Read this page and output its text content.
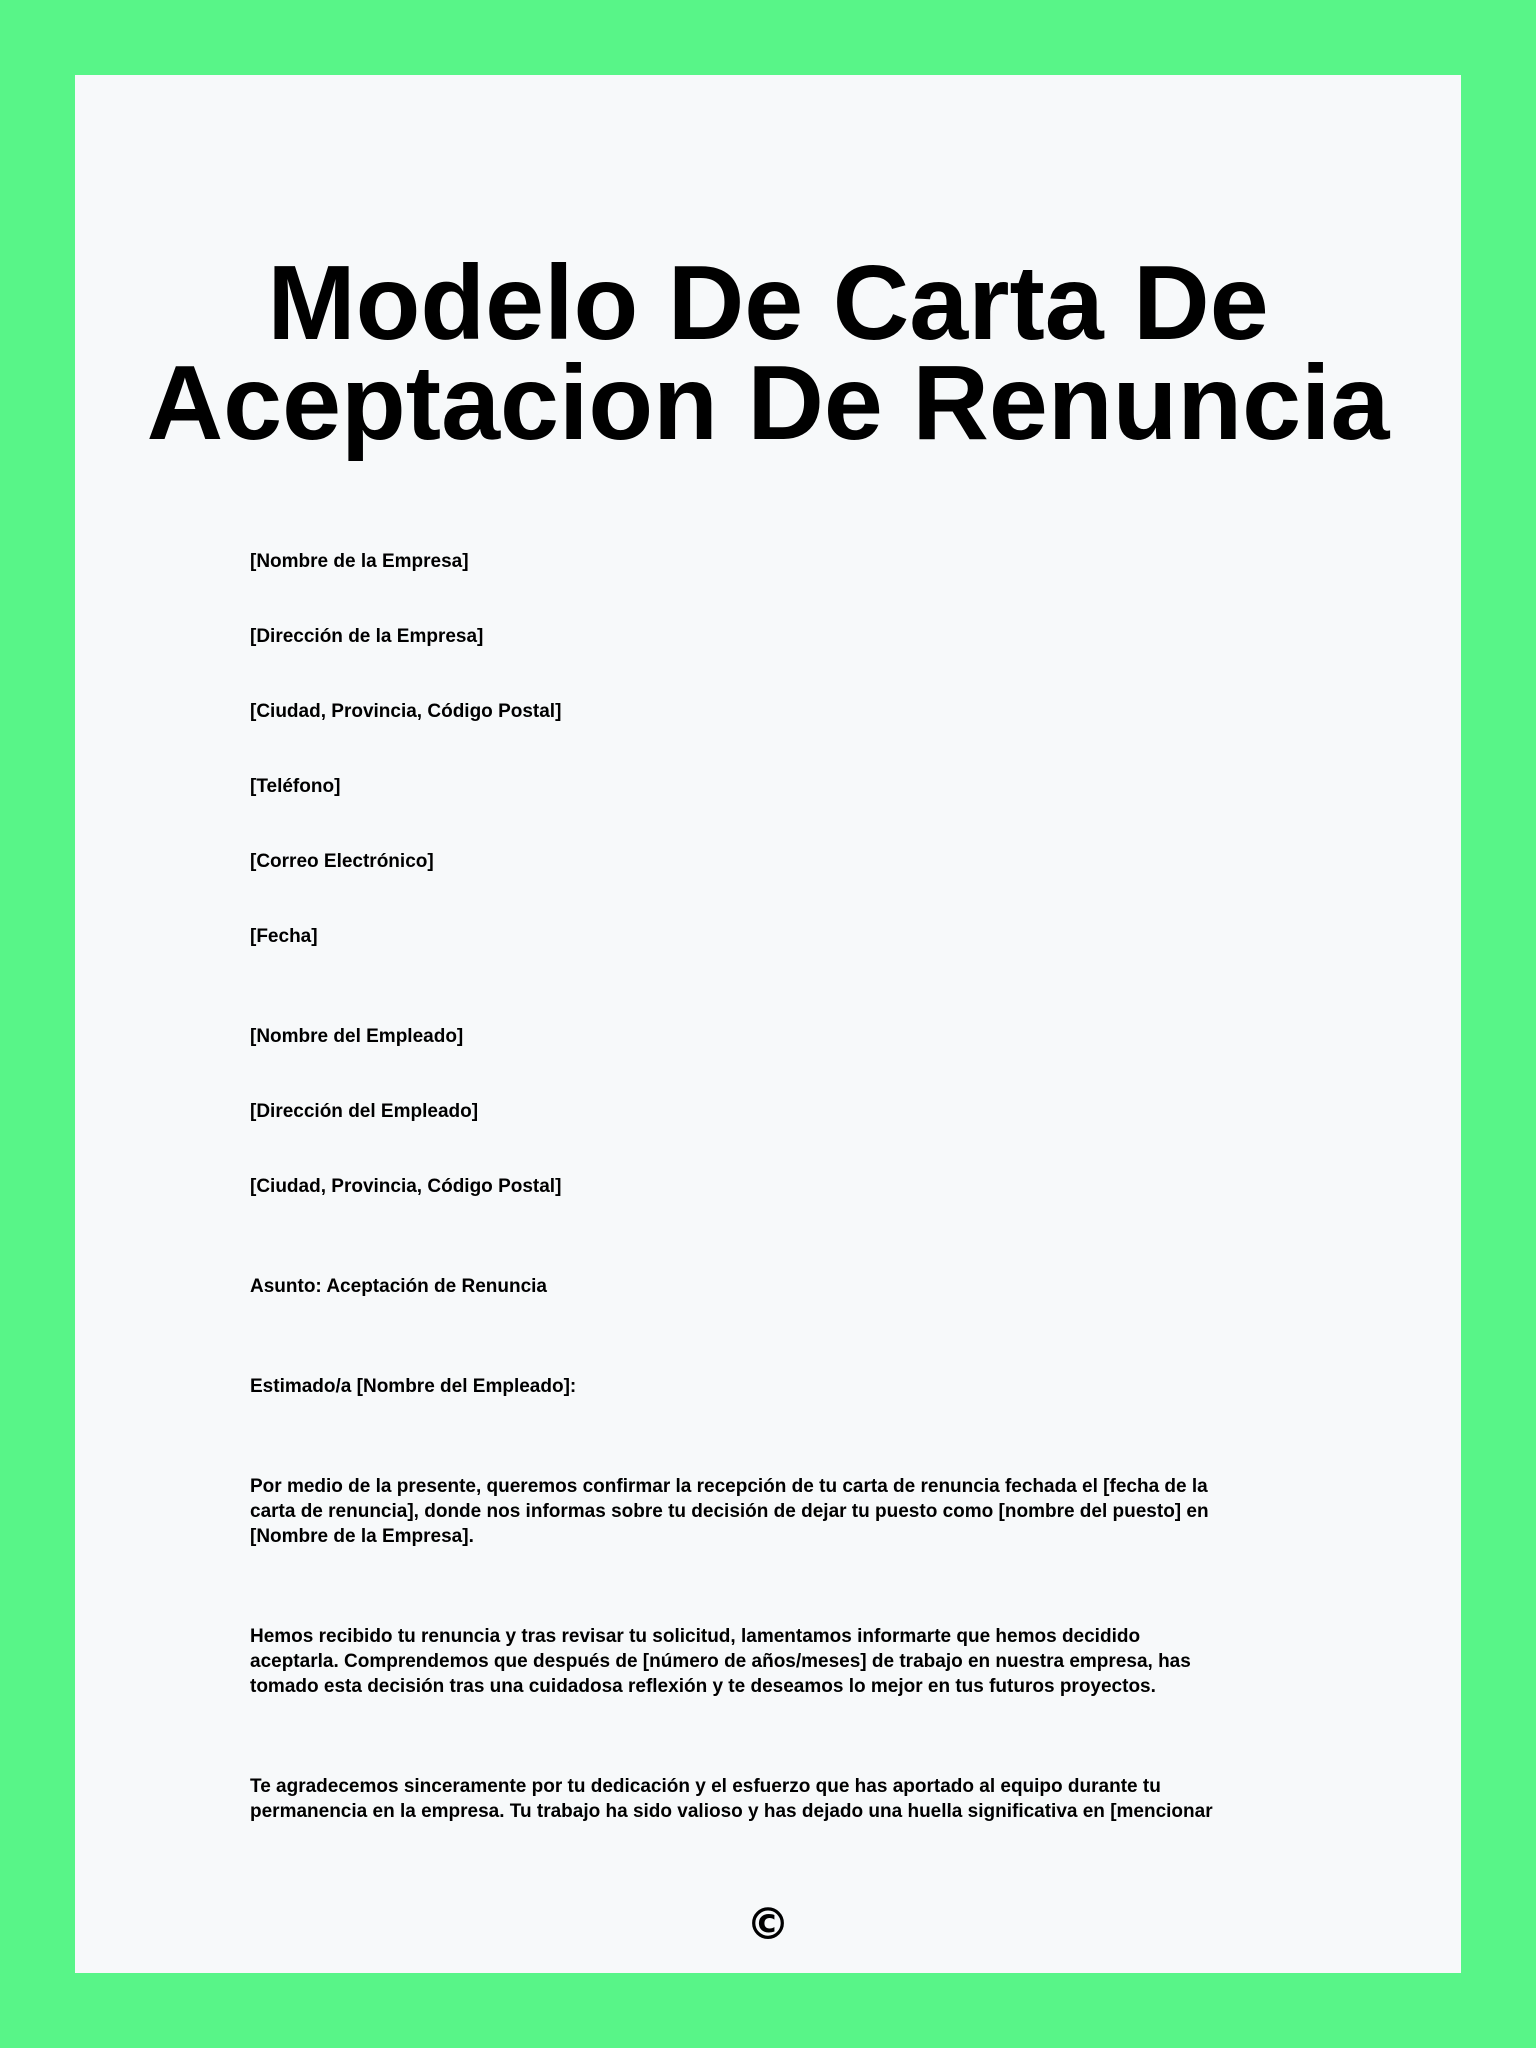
Modelo De Carta De
Aceptacion De Renuncia

[Nombre de la Empresa]

[Dirección de la Empresa]

[Ciudad, Provincia, Código Postal]

[Teléfono]

[Correo Electrónico]

[Fecha]

[Nombre del Empleado]

[Dirección del Empleado]

[Ciudad, Provincia, Código Postal]

Asunto: Aceptación de Renuncia

Estimado/a [Nombre del Empleado]:

Por medio de la presente, queremos confirmar la recepción de tu carta de renuncia fechada el [fecha de la
carta de renuncia], donde nos informas sobre tu decisión de dejar tu puesto como [nombre del puesto] en
[Nombre de la Empresa].
Hemos recibido tu renuncia y tras revisar tu solicitud, lamentamos informarte que hemos decidido
aceptarla. Comprendemos que después de [número de años/meses] de trabajo en nuestra empresa, has
tomado esta decisión tras una cuidadosa reflexión y te deseamos lo mejor en tus futuros proyectos.
Te agradecemos sinceramente por tu dedicación y el esfuerzo que has aportado al equipo durante tu
permanencia en la empresa. Tu trabajo ha sido valioso y has dejado una huella significativa en [mencionar
©
